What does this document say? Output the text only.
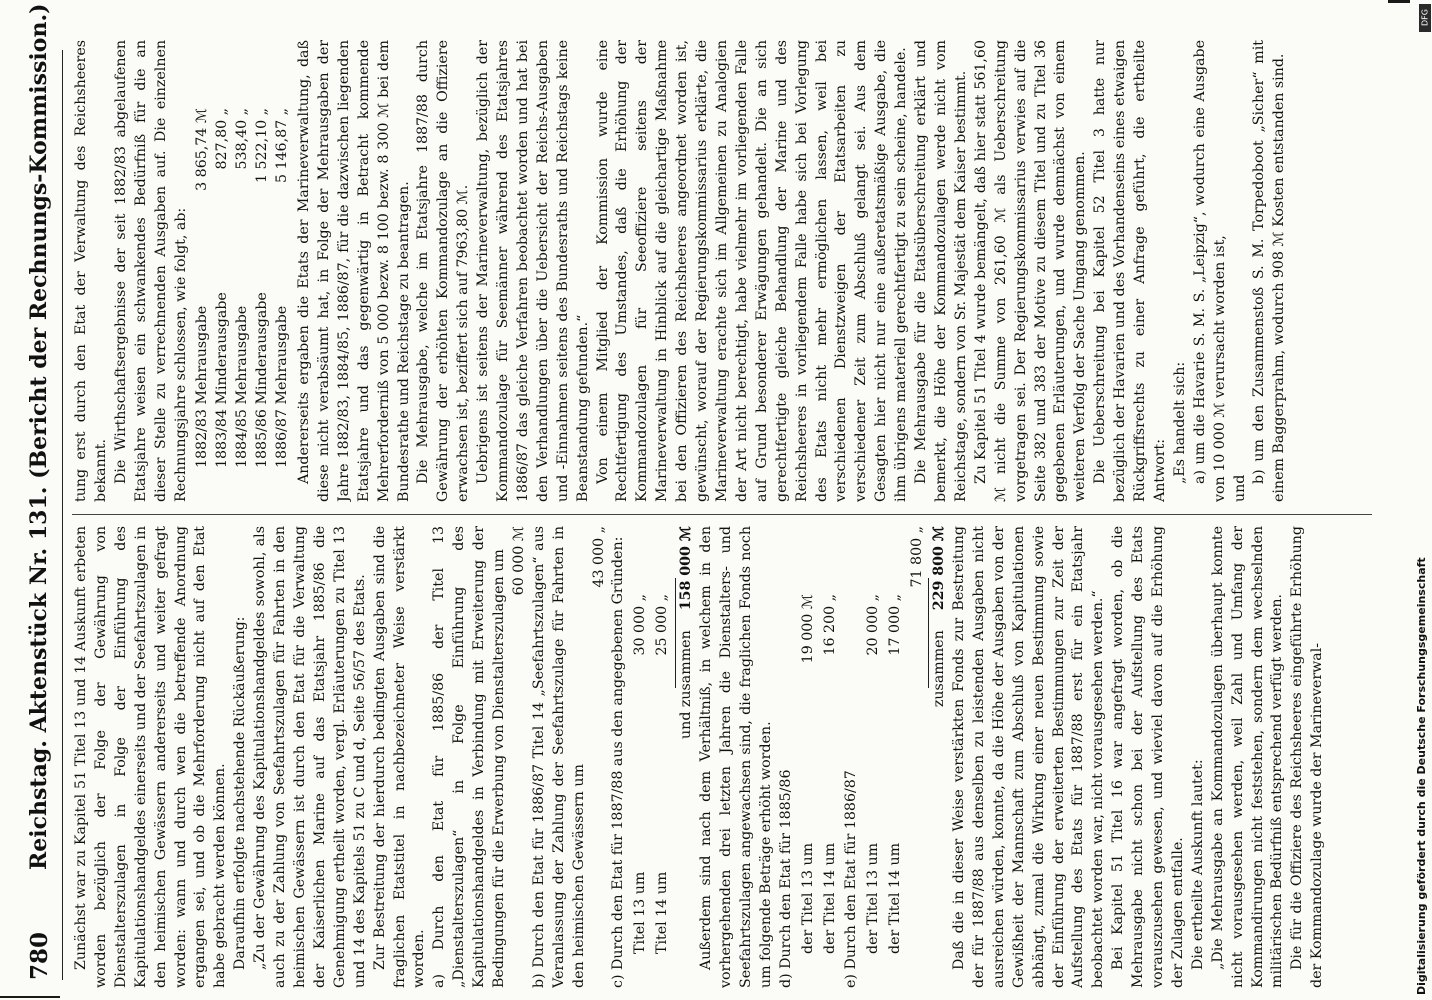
780
Reichstag. Aktenstück Nr. 131. (Bericht der Rechnungs-Kommission.) Zunächst war zu Kapitel 51 Titel 13 und 14 Auskunft erbeten worden bezüglich der Folge der Gewährung von Dienstalterszulagen in Folge der Einführung des Kapitulationshandgeldes einerseits und der Seefahrtszulagen in den heimischen Gewässern andererseits und weiter gefragt worden: wann und durch wen die betreffende Anordnung ergangen sei, und ob die Mehrforderung nicht auf den Etat habe gebracht werden können. Daraufhin erfolgte nachstehende Rückäußerung: „Zu der Gewährung des Kapitulationshandgeldes sowohl, als auch zu der Zahlung von Seefahrtszulagen für Fahrten in den heimischen Gewässern ist durch den Etat für die Verwaltung der Kaiserlichen Marine auf das Etatsjahr 1885/86 die Genehmigung ertheilt worden, vergl. Erläuterungen zu Titel 13 und 14 des Kapitels 51 zu C und d, Seite 56/57 des Etats. Zur Bestreitung der hierdurch bedingten Ausgaben sind die fraglichen Etatstitel in nachbezeichneter Weise verstärkt worden. a) Durch den Etat für 1885/86 der Titel 13 „Dienstalterszulagen“ in Folge Einführung des Kapitulationshandgeldes in Verbindung mit Erweiterung der Bedingungen für die Erwerbung von Dienstalterszulagen um 60 000 ℳ b) Durch den Etat für 1886/87 Titel 14 „Seefahrtszulagen“ aus Veranlassung der Zahlung der Seefahrtszulage für Fahrten in den heimischen Gewässern um

43 000 „ c) Durch den Etat für 1887/88 aus den angegebenen Gründen: Titel 13 um
30 000 „
Titel 14 um
25 000 „
und zusammen
158 000 ℳ Außerdem sind nach dem Verhältniß, in welchem in den vorhergehenden drei letzten Jahren die Dienstalters- und Seefahrtszulagen angewachsen sind, die fraglichen Fonds noch um folgende Beträge erhöht worden. d) Durch den Etat für 1885/86 der Titel 13 um
19 000 ℳ
der Titel 14 um
16 200 „

e) Durch den Etat für 1886/87 der Titel 13 um
20 000 „
der Titel 14 um
17 000 „
71 800 „
zusammen
229 800 ℳ Daß die in dieser Weise verstärkten Fonds zur Bestreitung der für 1887/88 aus denselben zu leistenden Ausgaben nicht ausreichen würden, konnte, da die Höhe der Ausgaben von der Gewißheit der Mannschaft zum Abschluß von Kapitulationen abhängt, zumal die Wirkung einer neuen Bestimmung sowie der Einführung der erweiterten Bestimmungen zur Zeit der Aufstellung des Etats für 1887/88 erst für ein Etatsjahr beobachtet worden war, nicht vorausgesehen werden.“ Bei Kapitel 51 Titel 16 war angefragt worden, ob die Mehrausgabe nicht schon bei der Aufstellung des Etats vorauszusehen gewesen, und wieviel davon auf die Erhöhung der Zulagen entfalle. Die ertheilte Auskunft lautet: „Die Mehrausgabe an Kommandozulagen überhaupt konnte nicht vorausgesehen werden, weil Zahl und Umfang der Kommandirungen nicht feststehen, sondern dem wechselnden militärischen Bedürfniß entsprechend verfügt werden. Die für die Offiziere des Reichsheeres eingeführte Erhöhung der Kommandozulage wurde der Marineverwal-

tung erst durch den Etat der Verwaltung des Reichsheeres bekannt. Die Wirthschaftsergebnisse der seit 1882/83 abgelaufenen Etatsjahre weisen ein schwankendes Bedürfniß für die an dieser Stelle zu verrechnenden Ausgaben auf. Die einzelnen Rechnungsjahre schlossen, wie folgt, ab: 1882/83 Mehrausgabe
3 865,74 ℳ
1883/84 Minderausgabe
827,80 „
1884/85 Mehrausgabe
538,40 „
1885/86 Minderausgabe
1 522,10 „
1886/87 Mehrausgabe
5 146,87 „ Andererseits ergaben die Etats der Marineverwaltung, daß diese nicht verabsäumt hat, in Folge der Mehrausgaben der Jahre 1882/83, 1884/85, 1886/87, für die dazwischen liegenden Etatsjahre und das gegenwärtig in Betracht kommende Mehrerforderniß von 5 000 bezw. 8 100 bezw. 8 300 ℳ bei dem Bundesrathe und Reichstage zu beantragen. Die Mehrausgabe, welche im Etatsjahre 1887/88 durch Gewährung der erhöhten Kommandozulage an die Offiziere erwachsen ist, beziffert sich auf 7963,80 ℳ. Uebrigens ist seitens der Marineverwaltung, bezüglich der Kommandozulage für Seemänner während des Etatsjahres 1886/87 das gleiche Verfahren beobachtet worden und hat bei den Verhandlungen über die Uebersicht der Reichs-Ausgaben und -Einnahmen seitens des Bundesraths und Reichstags keine Beanstandung gefunden.“ Von einem Mitglied der Kommission wurde eine Rechtfertigung des Umstandes, daß die Erhöhung der Kommandozulagen für Seeoffiziere seitens der Marineverwaltung in Hinblick auf die gleichartige Maßnahme bei den Offizieren des Reichsheeres angeordnet worden ist, gewünscht, worauf der Regierungskommissarius erklärte, die Marineverwaltung erachte sich im Allgemeinen zu Analogien der Art nicht berechtigt, habe vielmehr im vorliegenden Falle auf Grund besonderer Erwägungen gehandelt. Die an sich gerechtfertigte gleiche Behandlung der Marine und des Reichsheeres in vorliegendem Falle habe sich bei Vorlegung des Etats nicht mehr ermöglichen lassen, weil bei verschiedenen Dienstzweigen der Etatsarbeiten zu verschiedener Zeit zum Abschluß gelangt sei. Aus dem Gesagten hier nicht nur eine außeretatsmäßige Ausgabe, die ihm übrigens materiell gerechtfertigt zu sein scheine, handele. Die Mehrausgabe für die Etatsüberschreitung erklärt und bemerkt, die Höhe der Kommandozulagen werde nicht vom Reichstage, sondern von Sr. Majestät dem Kaiser bestimmt. Zu Kapitel 51 Titel 4 wurde bemängelt, daß hier statt 561,60 ℳ nicht die Summe von 261,60 ℳ als Ueberschreitung vorgetragen sei. Der Regierungskommissarius verwies auf die Seite 382 und 383 der Motive zu diesem Titel und zu Titel 36 gegebenen Erläuterungen, und wurde demnächst von einem weiteren Verfolg der Sache Umgang genommen. Die Ueberschreitung bei Kapitel 52 Titel 3 hatte nur bezüglich der Havarien und des Vorhandenseins eines etwaigen Rückgriffsrechts zu einer Anfrage geführt, die ertheilte Antwort: „Es handelt sich: a) um die Havarie S. M. S. „Leipzig“, wodurch eine Ausgabe von 10 000 ℳ verursacht worden ist, und

b) um den Zusammenstoß S. M. Torpedoboot „Sicher“ mit einem Baggerprahm, wodurch 908 ℳ Kosten entstanden sind.

Digitalisierung gefördert durch die Deutsche Forschungsgemeinschaft
DFG
